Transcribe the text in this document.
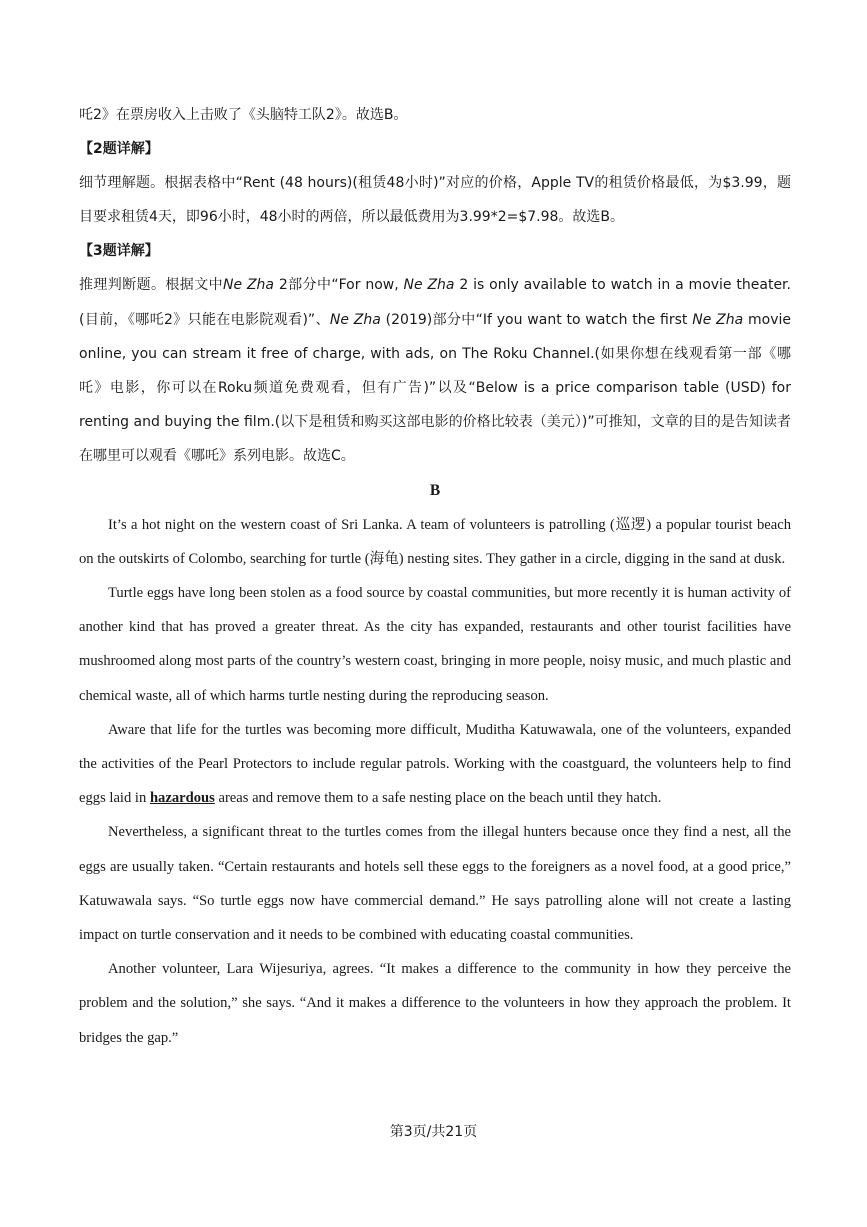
吒2》在票房收入上击败了《头脑特工队2》。故选B。
【2题详解】

细节理解题。根据表格中“Rent (48 hours)(租赁48小时)”对应的价格，Apple TV的租赁价格最低，为$3.99，题目要求租赁4天，即96小时，48小时的两倍，所以最低费用为3.99*2=$7.98。故选B。

【3题详解】

推理判断题。根据文中Ne Zha 2部分中“For now, Ne Zha 2 is only available to watch in a movie theater.(目前，《哪吒2》只能在电影院观看)”、Ne Zha (2019)部分中“If you want to watch the first Ne Zha movie online, you can stream it free of charge, with ads, on The Roku Channel.(如果你想在线观看第一部《哪吒》电影，你可以在Roku频道免费观看，但有广告)”以及“Below is a price comparison table (USD) for renting and buying the film.(以下是租赁和购买这部电影的价格比较表（美元）)”可推知，文章的目的是告知读者在哪里可以观看《哪吒》系列电影。故选C。

B

It’s a hot night on the western coast of Sri Lanka. A team of volunteers is patrolling (巡逻) a popular tourist beach on the outskirts of Colombo, searching for turtle (海龟) nesting sites. They gather in a circle, digging in the sand at dusk.

Turtle eggs have long been stolen as a food source by coastal communities, but more recently it is human activity of another kind that has proved a greater threat. As the city has expanded, restaurants and other tourist facilities have mushroomed along most parts of the country’s western coast, bringing in more people, noisy music, and much plastic and chemical waste, all of which harms turtle nesting during the reproducing season.

Aware that life for the turtles was becoming more difficult, Muditha Katuwawala, one of the volunteers, expanded the activities of the Pearl Protectors to include regular patrols. Working with the coastguard, the volunteers help to find eggs laid in hazardous areas and remove them to a safe nesting place on the beach until they hatch.

Nevertheless, a significant threat to the turtles comes from the illegal hunters because once they find a nest, all the eggs are usually taken. “Certain restaurants and hotels sell these eggs to the foreigners as a novel food, at a good price,” Katuwawala says. “So turtle eggs now have commercial demand.” He says patrolling alone will not create a lasting impact on turtle conservation and it needs to be combined with educating coastal communities.

Another volunteer, Lara Wijesuriya, agrees. “It makes a difference to the community in how they perceive the problem and the solution,” she says. “And it makes a difference to the volunteers in how they approach the problem. It bridges the gap.”

第3页/共21页
